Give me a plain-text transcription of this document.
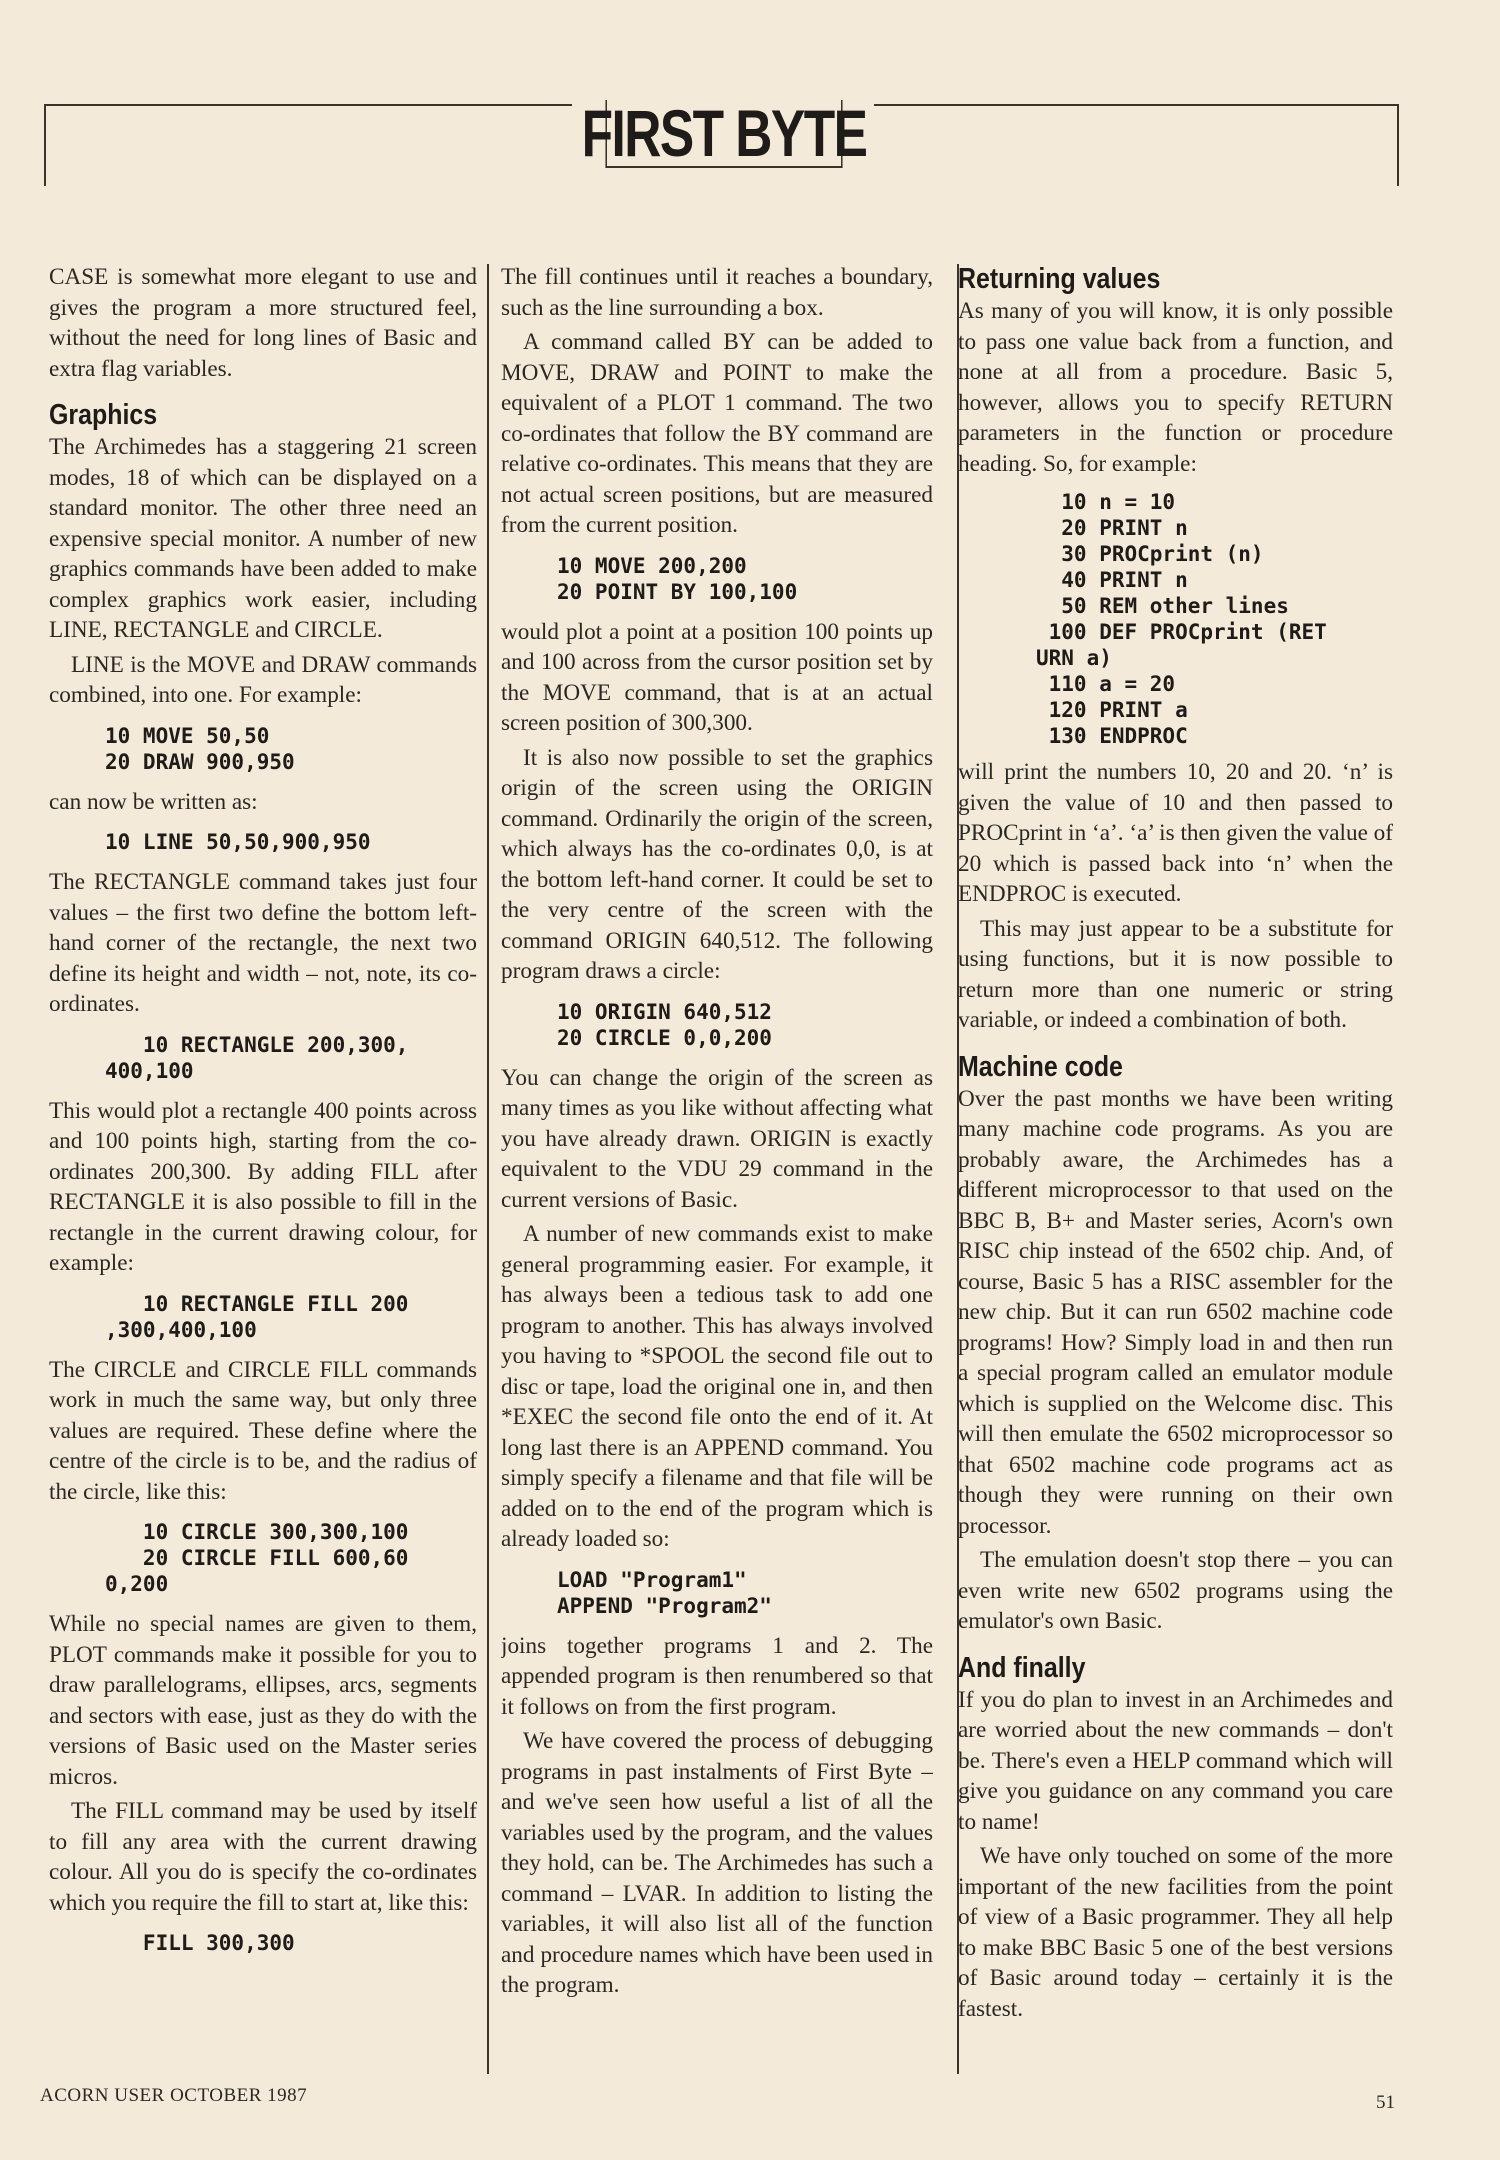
FIRST BYTE

CASE is somewhat more elegant to use and gives the program a more structured feel, without the need for long lines of Basic and extra flag variables.

Graphics

The Archimedes has a staggering 21 screen modes, 18 of which can be displayed on a standard monitor. The other three need an expensive special monitor. A number of new graphics commands have been added to make complex graphics work easier, including LINE, RECTANGLE and CIRCLE.

LINE is the MOVE and DRAW commands combined, into one. For example:

10 MOVE 50,50
20 DRAW 900,950

can now be written as:

10 LINE 50,50,900,950

The RECTANGLE command takes just four values – the first two define the bottom left-hand corner of the rectangle, the next two define its height and width – not, note, its co-ordinates.

10 RECTANGLE 200,300,
400,100

This would plot a rectangle 400 points across and 100 points high, starting from the co-ordinates 200,300. By adding FILL after RECTANGLE it is also possible to fill in the rectangle in the current drawing colour, for example:

10 RECTANGLE FILL 200
,300,400,100

The CIRCLE and CIRCLE FILL commands work in much the same way, but only three values are required. These define where the centre of the circle is to be, and the radius of the circle, like this:

10 CIRCLE 300,300,100
20 CIRCLE FILL 600,60
0,200

While no special names are given to them, PLOT commands make it possible for you to draw parallelograms, ellipses, arcs, segments and sectors with ease, just as they do with the versions of Basic used on the Master series micros.

The FILL command may be used by itself to fill any area with the current drawing colour. All you do is specify the co-ordinates which you require the fill to start at, like this:

FILL 300,300

The fill continues until it reaches a boundary, such as the line surrounding a box.

A command called BY can be added to MOVE, DRAW and POINT to make the equivalent of a PLOT 1 command. The two co-ordinates that follow the BY command are relative co-ordinates. This means that they are not actual screen positions, but are measured from the current position.

10 MOVE 200,200
20 POINT BY 100,100

would plot a point at a position 100 points up and 100 across from the cursor position set by the MOVE command, that is at an actual screen position of 300,300.

It is also now possible to set the graphics origin of the screen using the ORIGIN command. Ordinarily the origin of the screen, which always has the co-ordinates 0,0, is at the bottom left-hand corner. It could be set to the very centre of the screen with the command ORIGIN 640,512. The following program draws a circle:

10 ORIGIN 640,512
20 CIRCLE 0,0,200

You can change the origin of the screen as many times as you like without affecting what you have already drawn. ORIGIN is exactly equivalent to the VDU 29 command in the current versions of Basic.

A number of new commands exist to make general programming easier. For example, it has always been a tedious task to add one program to another. This has always involved you having to *SPOOL the second file out to disc or tape, load the original one in, and then *EXEC the second file onto the end of it. At long last there is an APPEND command. You simply specify a filename and that file will be added on to the end of the program which is already loaded so:

LOAD "Program1"
APPEND "Program2"

joins together programs 1 and 2. The appended program is then renumbered so that it follows on from the first program.

We have covered the process of debugging programs in past instalments of First Byte – and we've seen how useful a list of all the variables used by the program, and the values they hold, can be. The Archimedes has such a command – LVAR. In addition to listing the variables, it will also list all of the function and procedure names which have been used in the program.

Returning values

As many of you will know, it is only possible to pass one value back from a function, and none at all from a procedure. Basic 5, however, allows you to specify RETURN parameters in the function or procedure heading. So, for example:

10 n = 10
20 PRINT n
30 PROCprint (n)
40 PRINT n
50 REM other lines
100 DEF PROCprint (RET
URN a)
110 a = 20
120 PRINT a
130 ENDPROC

will print the numbers 10, 20 and 20. ‘n’ is given the value of 10 and then passed to PROCprint in ‘a’. ‘a’ is then given the value of 20 which is passed back into ‘n’ when the ENDPROC is executed.

This may just appear to be a substitute for using functions, but it is now possible to return more than one numeric or string variable, or indeed a combination of both.

Machine code

Over the past months we have been writing many machine code programs. As you are probably aware, the Archimedes has a different microprocessor to that used on the BBC B, B+ and Master series, Acorn's own RISC chip instead of the 6502 chip. And, of course, Basic 5 has a RISC assembler for the new chip. But it can run 6502 machine code programs! How? Simply load in and then run a special program called an emulator module which is supplied on the Welcome disc. This will then emulate the 6502 microprocessor so that 6502 machine code programs act as though they were running on their own processor.

The emulation doesn't stop there – you can even write new 6502 programs using the emulator's own Basic.

And finally

If you do plan to invest in an Archimedes and are worried about the new commands – don't be. There's even a HELP command which will give you guidance on any command you care to name!

We have only touched on some of the more important of the new facilities from the point of view of a Basic programmer. They all help to make BBC Basic 5 one of the best versions of Basic around today – certainly it is the fastest.

ACORN USER OCTOBER 1987	51
